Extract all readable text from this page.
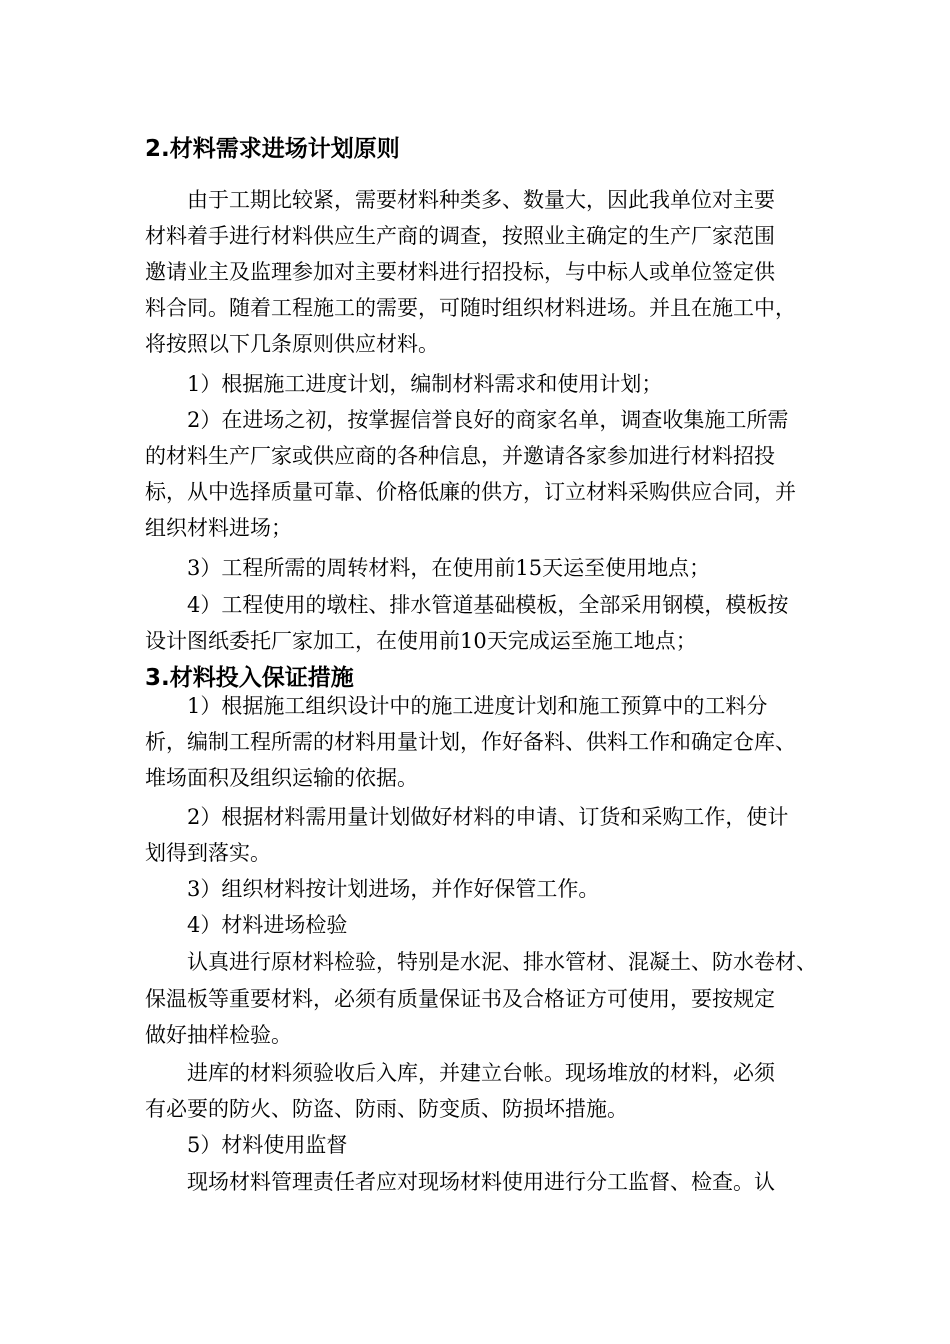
2.材料需求进场计划原则
由于工期比较紧，需要材料种类多、数量大，因此我单位对主要
材料着手进行材料供应生产商的调查，按照业主确定的生产厂家范围
邀请业主及监理参加对主要材料进行招投标，与中标人或单位签定供
料合同。随着工程施工的需要，可随时组织材料进场。并且在施工中，
将按照以下几条原则供应材料。
1）根据施工进度计划，编制材料需求和使用计划；
2）在进场之初，按掌握信誉良好的商家名单，调查收集施工所需
的材料生产厂家或供应商的各种信息，并邀请各家参加进行材料招投
标，从中选择质量可靠、价格低廉的供方，订立材料采购供应合同，并
组织材料进场；
3）工程所需的周转材料，在使用前15天运至使用地点；
4）工程使用的墩柱、排水管道基础模板，全部采用钢模，模板按
设计图纸委托厂家加工，在使用前10天完成运至施工地点；
3.材料投入保证措施
1）根据施工组织设计中的施工进度计划和施工预算中的工料分
析，编制工程所需的材料用量计划，作好备料、供料工作和确定仓库、
堆场面积及组织运输的依据。
2）根据材料需用量计划做好材料的申请、订货和采购工作，使计
划得到落实。
3）组织材料按计划进场，并作好保管工作。
4）材料进场检验
认真进行原材料检验，特别是水泥、排水管材、混凝土、防水卷材、
保温板等重要材料，必须有质量保证书及合格证方可使用，要按规定
做好抽样检验。
进库的材料须验收后入库，并建立台帐。现场堆放的材料，必须
有必要的防火、防盗、防雨、防变质、防损坏措施。
5）材料使用监督
现场材料管理责任者应对现场材料使用进行分工监督、检查。认
